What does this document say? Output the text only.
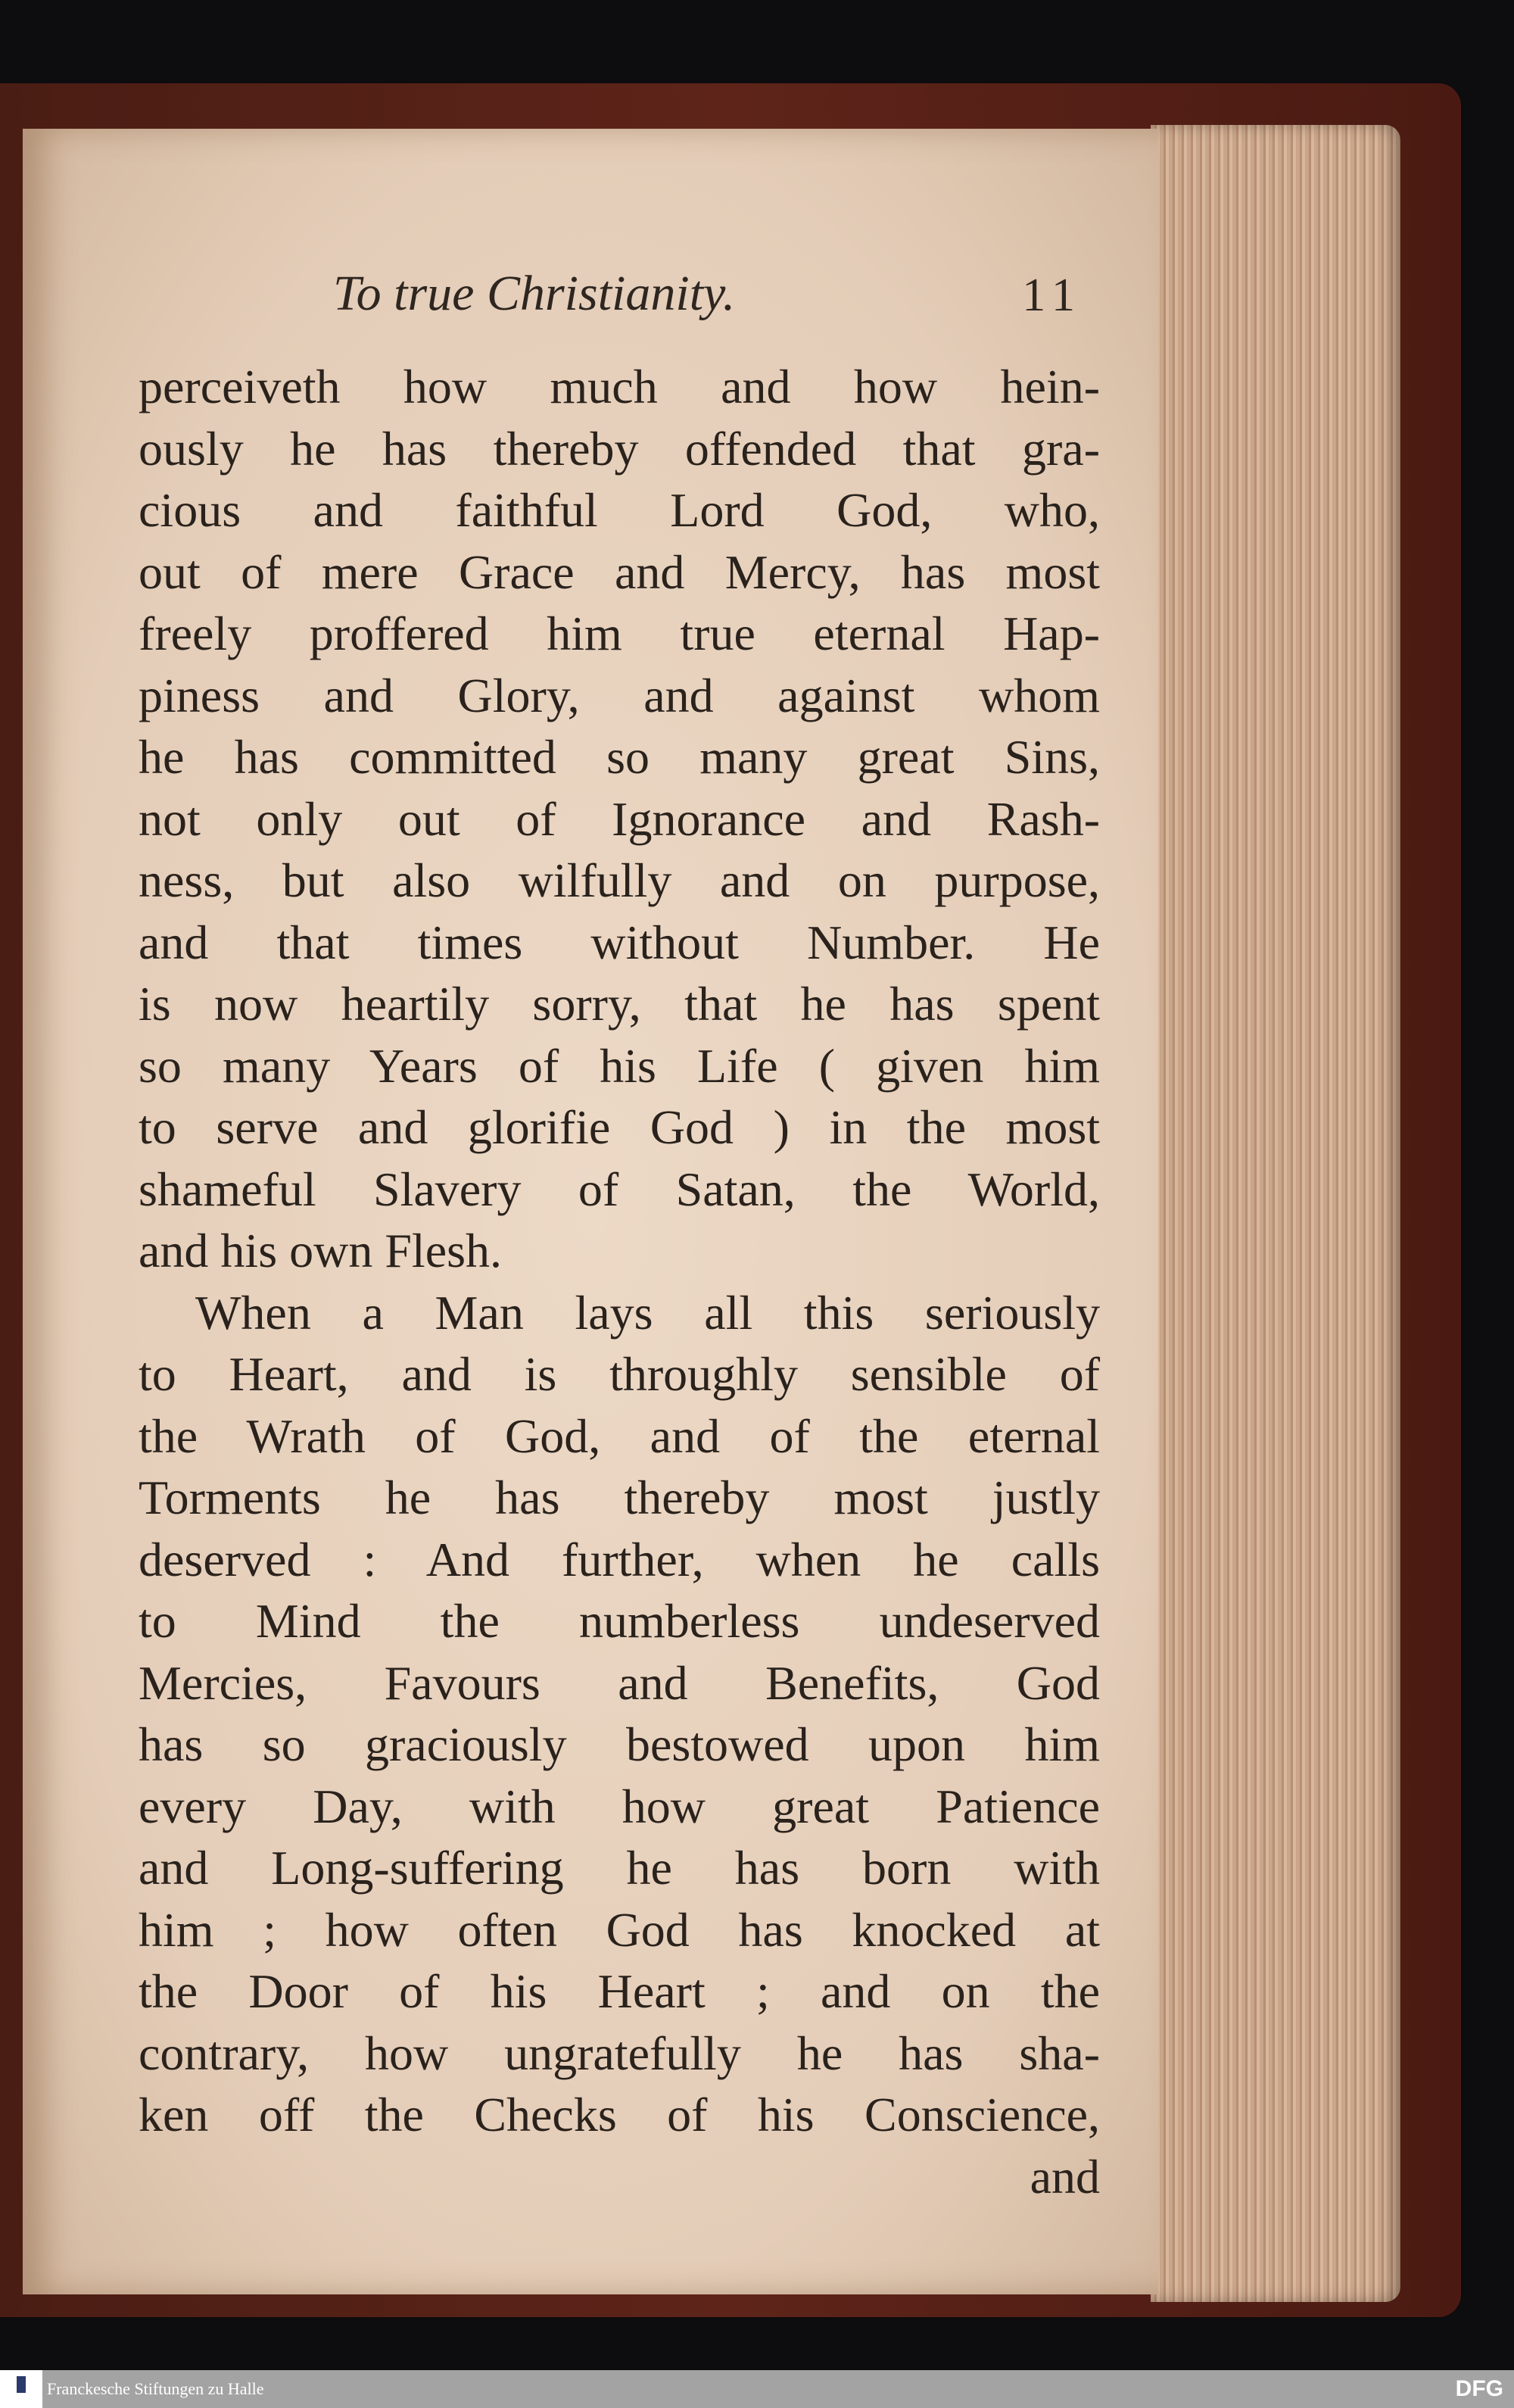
To true Christianity.	11
perceiveth how much and how hein-
ously he has thereby offended that gra-
cious and faithful Lord God, who,
out of mere Grace and Mercy, has most
freely proffered him true eternal Hap-
piness and Glory, and against whom
he has committed so many great Sins,
not only out of Ignorance and Rash-
ness, but also wilfully and on purpose,
and that times without Number. He
is now heartily sorry, that he has spent
so many Years of his Life ( given him
to serve and glorifie God ) in the most
shameful Slavery of Satan, the World,
and his own Flesh.
When a Man lays all this seriously
to Heart, and is throughly sensible of
the Wrath of God, and of the eternal
Torments he has thereby most justly
deserved : And further, when he calls
to Mind the numberless undeserved
Mercies, Favours and Benefits, God
has so graciously bestowed upon him
every Day, with how great Patience
and Long-suffering he has born with
him ; how often God has knocked at
the Door of his Heart ; and on the
contrary, how ungratefully he has sha-
ken off the Checks of his Conscience,
and
Franckesche Stiftungen zu Halle	DFG
